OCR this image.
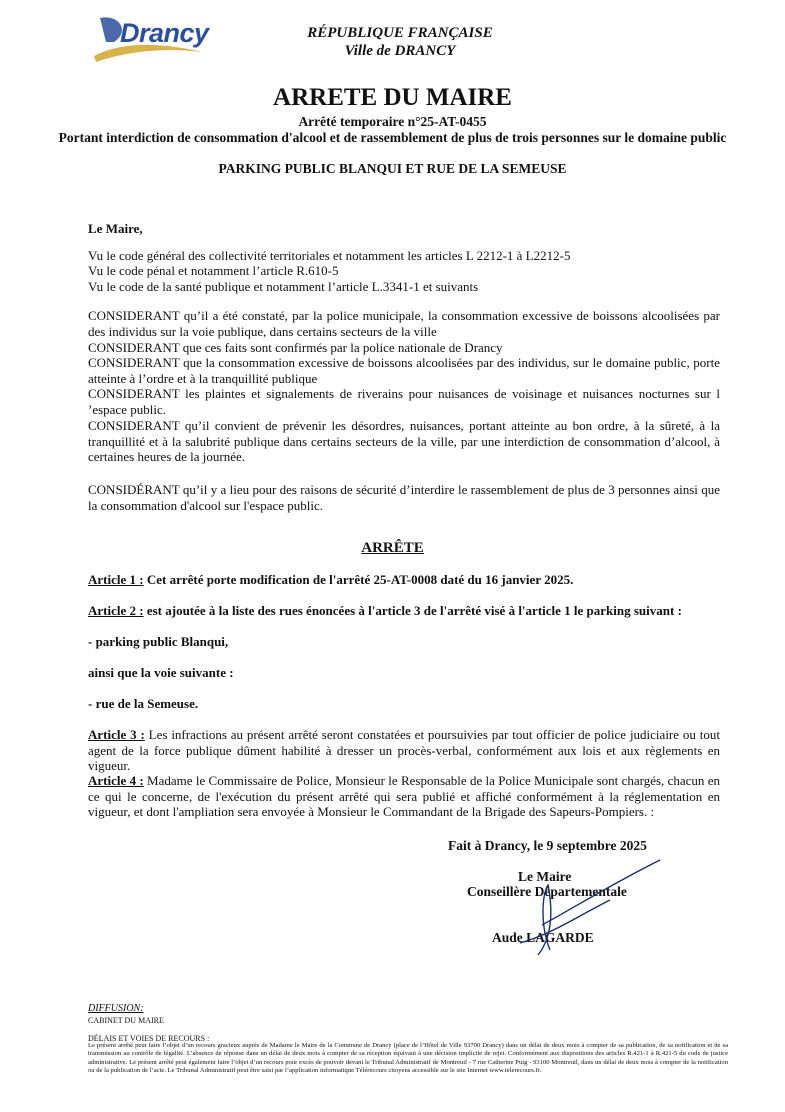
Drancy	RÉPUBLIQUE FRANÇAISE
Ville de DRANCY
ARRETE DU MAIRE
Arrêté temporaire n°25-AT-0455
Portant interdiction de consommation d'alcool et de rassemblement de plus de trois personnes sur le domaine public
PARKING PUBLIC BLANQUI ET RUE DE LA SEMEUSE
Le Maire,
Vu le code général des collectivité territoriales et notamment les articles L 2212-1 à L2212-5
Vu le code pénal et notamment l’article R.610-5
Vu le code de la santé publique et notamment l’article L.3341-1 et suivants
CONSIDERANT qu’il a été constaté, par la police municipale, la consommation excessive de boissons alcoolisées par des individus sur la voie publique, dans certains secteurs de la ville
CONSIDERANT que ces faits sont confirmés par la police nationale de Drancy
CONSIDERANT que la consommation excessive de boissons alcoolisées par des individus, sur le domaine public, porte atteinte à l’ordre et à la tranquillité publique
CONSIDERANT les plaintes et signalements de riverains pour nuisances de voisinage et nuisances nocturnes sur l ’espace public.
CONSIDERANT qu’il convient de prévenir les désordres, nuisances, portant atteinte au bon ordre, à la sûreté, à la tranquillité et à la salubrité publique dans certains secteurs de la ville, par une interdiction de consommation d’alcool, à certaines heures de la journée.
CONSIDÉRANT qu’il y a lieu pour des raisons de sécurité d’interdire le rassemblement de plus de 3 personnes ainsi que la consommation d'alcool sur l'espace public.
ARRÊTE
Article 1 : Cet arrêté porte modification de l'arrêté 25-AT-0008 daté du 16 janvier 2025.
Article 2 : est ajoutée à la liste des rues énoncées à l'article 3 de l'arrêté visé à l'article 1 le parking suivant :
- parking public Blanqui,
ainsi que la voie suivante :
- rue de la Semeuse.
Article 3 : Les infractions au présent arrêté seront constatées et poursuivies par tout officier de police judiciaire ou tout agent de la force publique dûment habilité à dresser un procès-verbal, conformément aux lois et aux règlements en vigueur.
Article 4 : Madame le Commissaire de Police, Monsieur le Responsable de la Police Municipale sont chargés, chacun en ce qui le concerne, de l'exécution du présent arrêté qui sera publié et affiché conformément à la réglementation en vigueur, et dont l'ampliation sera envoyée à Monsieur le Commandant de la Brigade des Sapeurs-Pompiers. :
Fait à Drancy, le 9 septembre 2025
Le Maire
Conseillère Départementale
Aude LAGARDE
DIFFUSION:
CABINET DU MAIRE
DÉLAIS ET VOIES DE RECOURS :
Le présent arrêté peut faire l’objet d’un recours gracieux auprès de Madame le Maire de la Commune de Drancy (place de l’Hôtel de Ville 93700 Drancy) dans un délai de deux mois à compter de sa publication, de sa notification et de sa transmission au contrôle de légalité. L’absence de réponse dans un délai de deux mois à compter de sa réception équivaut à une décision implicite de rejet. Conformément aux dispositions des articles R.421-1 à R.421-5 du code de justice administrative. Le présent arrêté peut également faire l’objet d’un recours pour excès de pouvoir devant le Tribunal Administratif de Montreuil - 7 rue Catherine Puig - 93100 Montreuil, dans un délai de deux mois à compter de la notification ou de la publication de l’acte. Le Tribunal Administratif peut être saisi par l’application informatique Télérecours citoyens accessible sur le site Internet www.telerecours.fr.
